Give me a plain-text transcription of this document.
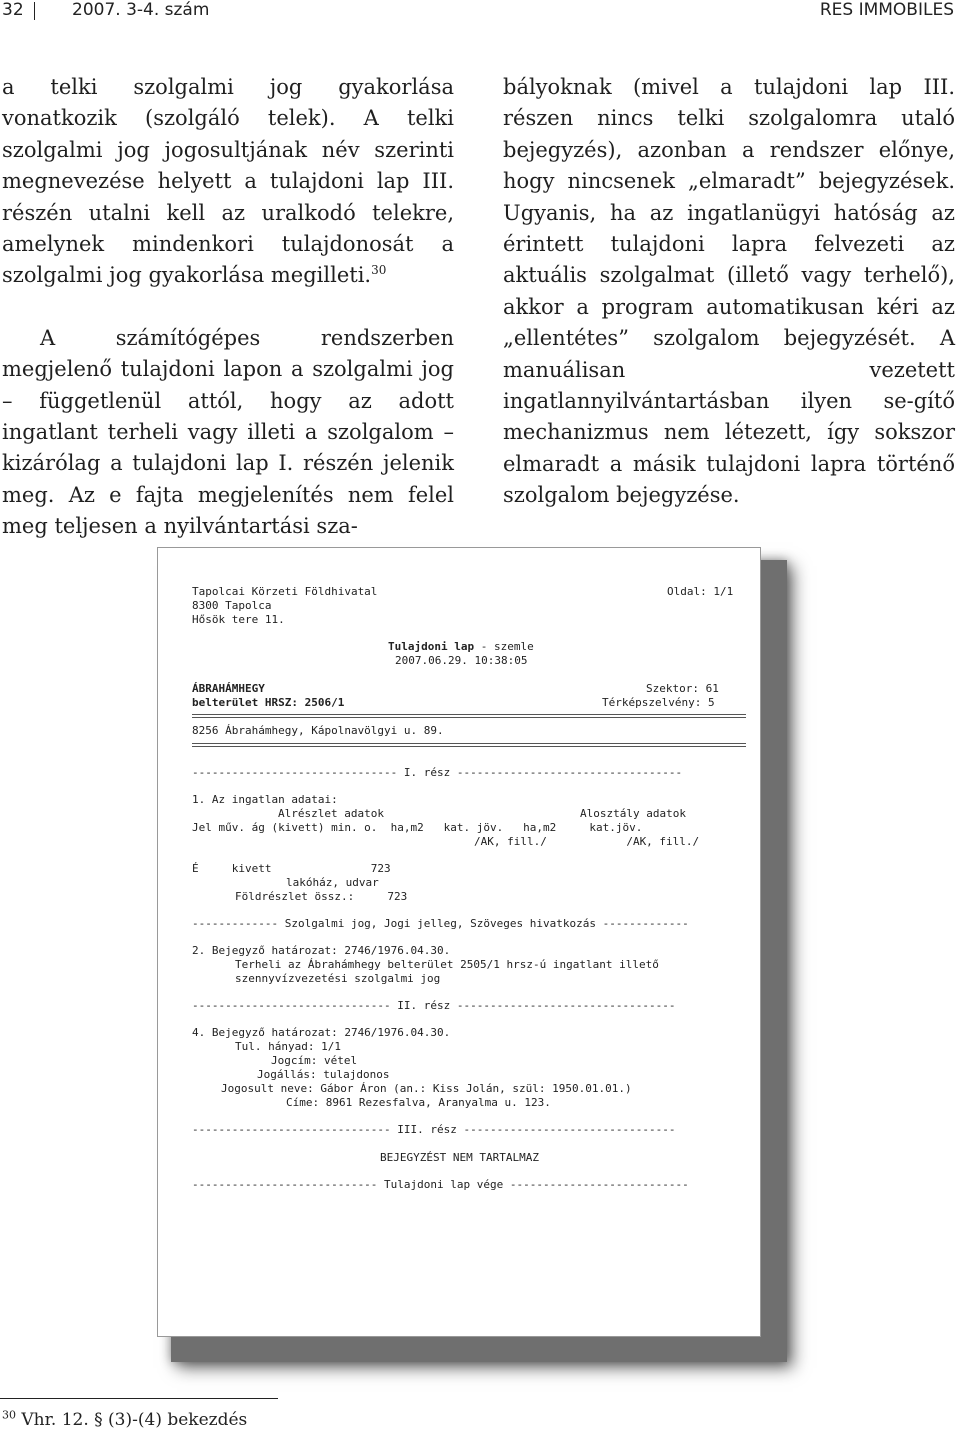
32	2007. 3-4. szám	RES IMMOBILES

a telki szolgalmi jog gyakorlása vonatkozik (szolgáló telek). A telki szolgalmi jog jogosultjának név szerinti megnevezése helyett a tulajdoni lap III. részén utalni kell az uralkodó telekre, amelynek mindenkori tulajdonosát a szolgalmi jog gyakorlása megilleti.$^{30}$

A számítógépes rendszerben megjelenő tulajdoni lapon a szolgalmi jog – függetlenül attól, hogy az adott ingatlant terheli vagy illeti a szolgalom – kizárólag a tulajdoni lap I. részén jelenik meg. Az e fajta megjelenítés nem felel meg teljesen a nyilvántartási sza-

bályoknak (mivel a tulajdoni lap III. részen nincs telki szolgalomra utaló bejegyzés), azonban a rendszer előnye, hogy nincsenek „elmaradt” bejegyzések. Ugyanis, ha az ingatlanügyi hatóság az érintett tulajdoni lapra felvezeti az aktuális szolgalmat (illető vagy terhelő), akkor a program automatikusan kéri az „ellentétes” szolgalom bejegyzését. A manuálisan vezetett ingatlannyilvántartásban ilyen se-gítő mechanizmus nem létezett, így sokszor elmaradt a másik tulajdoni lapra történő szolgalom bejegyzése.

Tapolcai Körzeti Földhivatal	Oldal: 1/1
8300 Tapolca
Hősök tere 11.
Tulajdoni lap - szemle
2007.06.29. 10:38:05
ÁBRAHÁMHEGY	Szektor: 61
belterület HRSZ: 2506/1	Térképszelvény: 5
8256 Ábrahámhegy, Kápolnavölgyi u. 89.
------------------------------- I. rész ----------------------------------
1. Az ingatlan adatai:
Alrészlet adatok	Alosztály adatok
Jel műv. ág (kivett) min. o.  ha,m2   kat. jöv.   ha,m2     kat.jöv.
/AK, fill./            /AK, fill./
É     kivett               723
lakóház, udvar
Földrészlet össz.:     723
------------- Szolgalmi jog, Jogi jelleg, Szöveges hivatkozás -------------
2. Bejegyző határozat: 2746/1976.04.30.
Terheli az Ábrahámhegy belterület 2505/1 hrsz-ú ingatlant illető
szennyvízvezetési szolgalmi jog
------------------------------ II. rész ---------------------------------
4. Bejegyző határozat: 2746/1976.04.30.
Tul. hányad: 1/1
Jogcím: vétel
Jogállás: tulajdonos
Jogosult neve: Gábor Áron (an.: Kiss Jolán, szül: 1950.01.01.)
Címe: 8961 Rezesfalva, Aranyalma u. 123.
------------------------------ III. rész --------------------------------
BEJEGYZÉST NEM TARTALMAZ
---------------------------- Tulajdoni lap vége ---------------------------
$^{30}$ Vhr. 12. § (3)-(4) bekezdés
